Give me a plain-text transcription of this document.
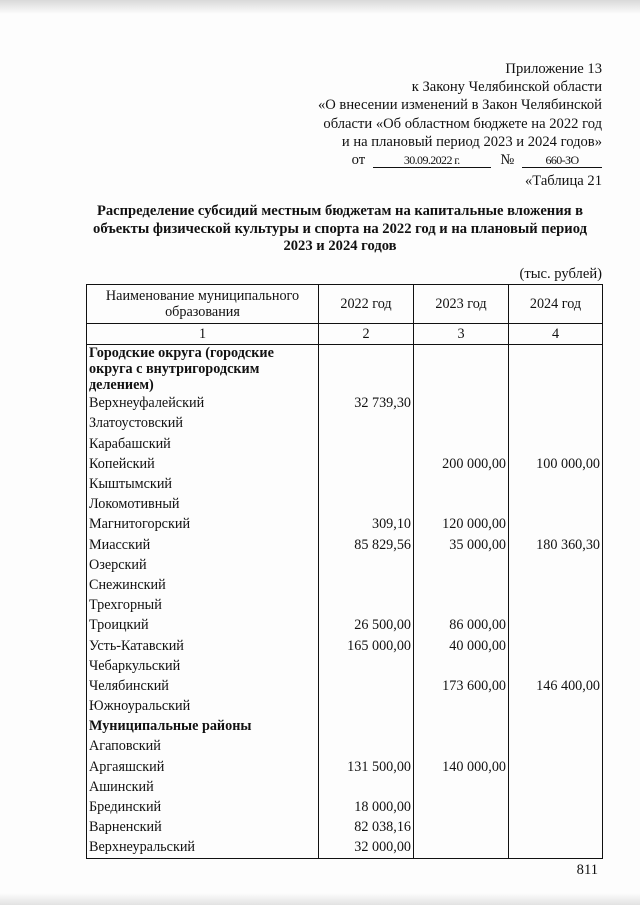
Приложение 13
к Закону Челябинской области
«О внесении изменений в Закон Челябинской
области «Об областном бюджете на 2022 год
и на плановый период 2023 и 2024 годов»
от	30.09.2022 г.	№	660-ЗО
«Таблица 21
Распределение субсидий местным бюджетам на капитальные вложения в объекты физической культуры и спорта на 2022 год и на плановый период 2023 и 2024 годов
(тыс. рублей)
Наименование муниципального образования	2022 год	2023 год	2024 год
1	2	3	4
Городские округа (городские округа с внутригородским делением)			
Верхнеуфалейский	32 739,30		
Златоустовский			
Карабашский			
Копейский		200 000,00	100 000,00
Кыштымский			
Локомотивный			
Магнитогорский	309,10	120 000,00	
Миасский	85 829,56	35 000,00	180 360,30
Озерский			
Снежинский			
Трехгорный			
Троицкий	26 500,00	86 000,00	
Усть-Катавский	165 000,00	40 000,00	
Чебаркульский			
Челябинский		173 600,00	146 400,00
Южноуральский			
Муниципальные районы			
Агаповский			
Аргаяшский	131 500,00	140 000,00	
Ашинский			
Брединский	18 000,00		
Варненский	82 038,16		
Верхнеуральский	32 000,00		
811
